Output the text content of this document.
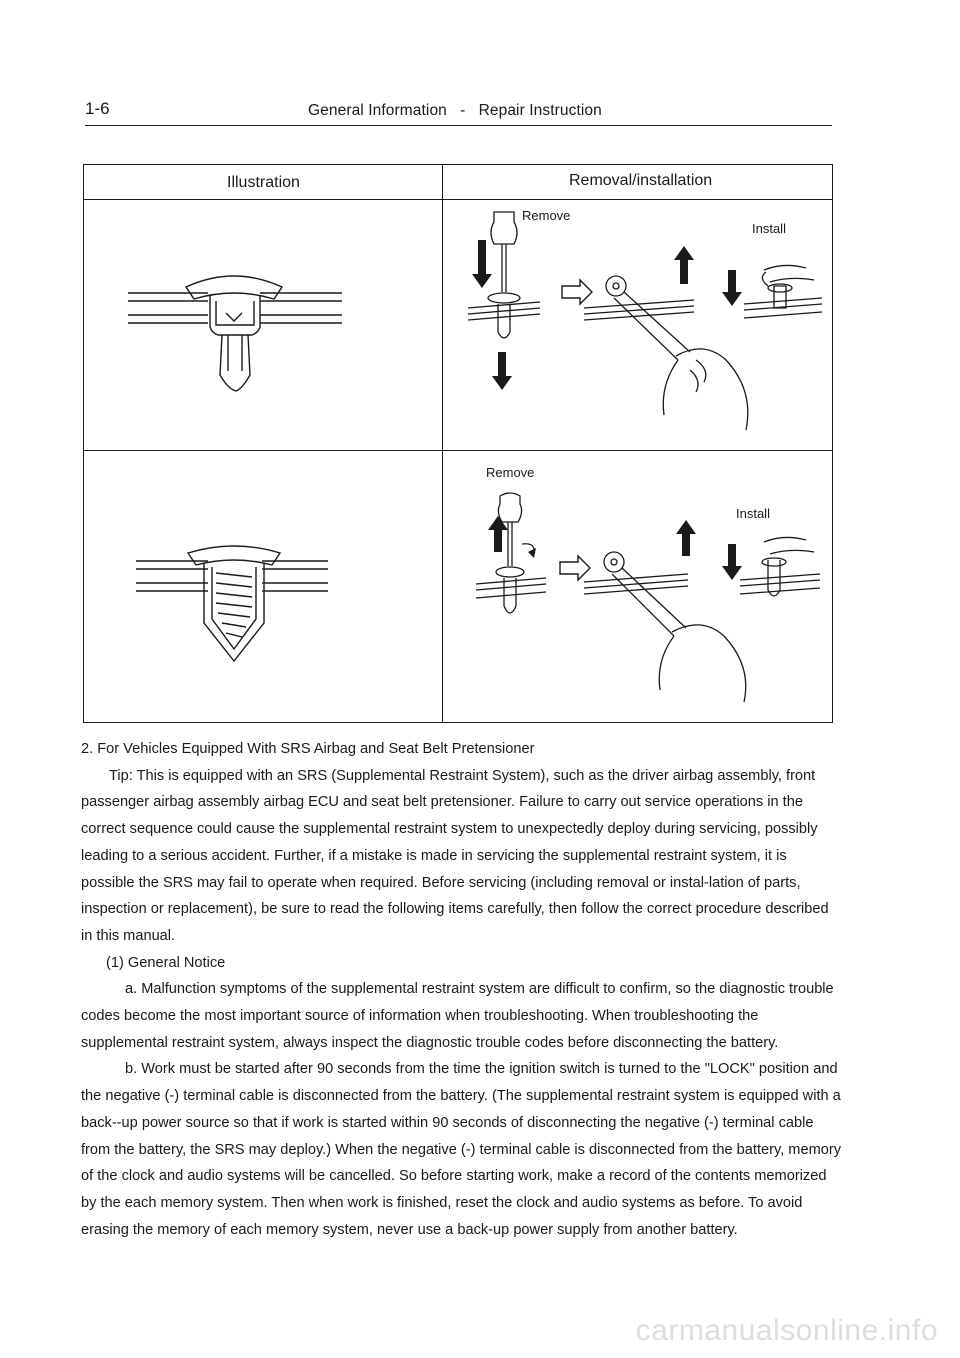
1-6	General Information   -   Repair Instruction
Illustration	Removal/installation
Remove
Install
Remove
Install

2. For Vehicles Equipped With SRS Airbag and Seat Belt Pretensioner

Tip: This is equipped with an SRS (Supplemental Restraint System), such as the driver airbag assembly, front passenger airbag assembly airbag ECU and seat belt pretensioner. Failure to carry out service operations in the correct sequence could cause the supplemental restraint system to unexpectedly deploy during servicing, possibly leading to a serious accident. Further, if a mistake is made in servicing the supplemental restraint system, it is possible the SRS may fail to operate when required. Before servicing (including removal or instal-lation of parts, inspection or replacement), be sure to read the following items carefully, then follow the correct procedure described in this manual.

(1) General Notice

a. Malfunction symptoms of the supplemental restraint system are difficult to confirm, so the diagnostic trouble codes become the most important source of information when troubleshooting. When troubleshooting the supplemental restraint system, always inspect the diagnostic trouble codes before disconnecting the battery.

b. Work must be started after 90 seconds from the time the ignition switch is turned to the "LOCK" position and the negative (-) terminal cable is disconnected from the battery. (The supplemental restraint system is equipped with a back--up power source so that if work is started within 90 seconds of disconnecting the negative (-) terminal cable from the battery, the SRS may deploy.) When the negative (-) terminal cable is disconnected from the battery, memory of the clock and audio systems will be cancelled. So before starting work, make a record of the contents memorized by the each memory system. Then when work is finished, reset the clock and audio systems as before. To avoid erasing the memory of each memory system, never use a back-up power supply from another battery.

carmanualsonline.info
